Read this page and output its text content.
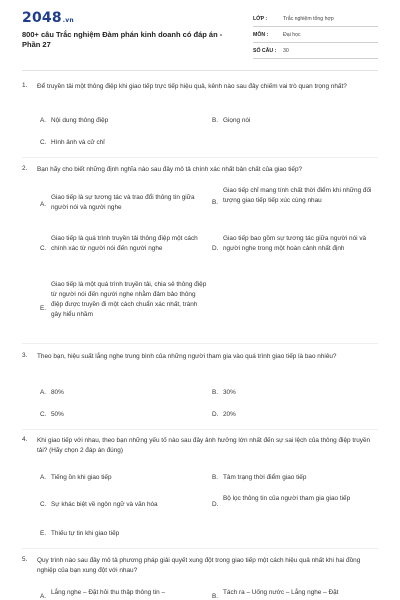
2048.vn
800+ câu Trắc nghiệm Đàm phán kinh doanh có đáp án - Phần 27
LỚP :	Trắc nghiệm tổng hợp
MÔN :	Đại học
SỐ CÂU : 30
1. Để truyền tải một thông điệp khi giao tiếp trực tiếp hiệu quả, kênh nào sau đây chiếm vai trò quan trọng nhất?
A. Nội dung thông điệp	B. Giọng nói
C. Hình ảnh và cử chỉ
2. Bạn hãy cho biết những định nghĩa nào sau đây mô tả chính xác nhất bản chất của giao tiếp?
A.
Giao tiếp là sự tương tác và trao đổi thông tin giữa người nói và người nghe
B.
Giao tiếp chỉ mang tính chất thời điểm khi những đối tượng giao tiếp tiếp xúc cùng nhau
C.
Giao tiếp là quá trình truyền tải thông điệp một cách chính xác từ người nói đến người nghe	D.
Giao tiếp bao gồm sự tương tác giữa người nói và người nghe trong một hoàn cảnh nhất định
E.
Giao tiếp là một quá trình truyền tải, chia sẻ thông điệp từ người nói đến người nghe nhằm đảm bảo thông điệp được truyền đi một cách chuẩn xác nhất, tránh gây hiểu nhầm
3. Theo bạn, hiệu suất lắng nghe trung bình của những người tham gia vào quá trình giao tiếp là bao nhiêu?
A. 80%	B. 30%
C. 50%	D. 20%
4. Khi giao tiếp với nhau, theo bạn những yếu tố nào sau đây ảnh hưởng lớn nhất đến sự sai lệch của thông điệp truyền tải? (Hãy chọn 2 đáp án đúng)
A. Tiếng ồn khi giao tiếp	B. Tâm trạng thời điểm giao tiếp
C. Sự khác biệt về ngôn ngữ và văn hóa	D.
Bộ lọc thông tin của người tham gia giao tiếp
E. Thiếu tự tin khi giao tiếp
5. Quy trình nào sau đây mô tả phương pháp giải quyết xung đột trong giao tiếp một cách hiệu quả nhất khi hai đồng nghiệp của bạn xung đột với nhau?
A.
Lắng nghe – Đặt hỏi thu thập thông tin –
B.
Tách ra – Uống nước – Lắng nghe – Đặt
